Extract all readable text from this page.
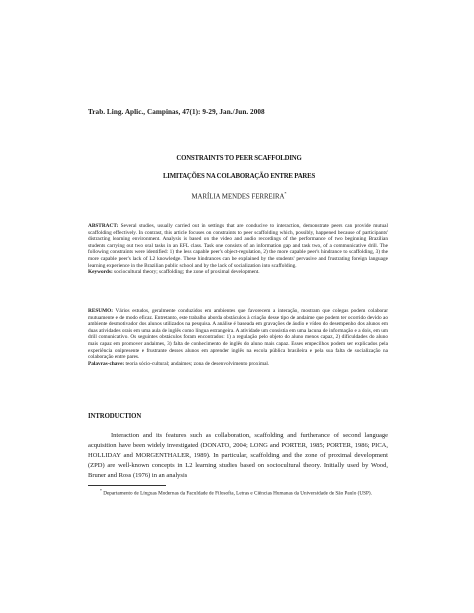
Trab. Ling. Aplic., Campinas, 47(1): 9-29, Jan./Jun. 2008
CONSTRAINTS TO PEER SCAFFOLDING
LIMITAÇÕES NA COLABORAÇÃO ENTRE PARES
MARÍLIA MENDES FERREIRA*
ABSTRACT: Several studies, usually carried out in settings that are conducive to interaction, demonstrate peers can provide mutual scaffolding effectively. In contrast, this article focuses on constraints to peer scaffolding which, possibly, happened because of participants' distracting learning environment. Analysis is based on the video and audio recordings of the performance of two beginning Brazilian students carrying out two oral tasks in an EFL class. Task one consists of an information gap and task two, of a communicative drill. The following constraints were identified: 1) the less capable peer's object-regulation, 2) the more capable peer's hindrance to scaffolding, 3) the more capable peer's lack of L2 knowledge. These hindrances can be explained by the students' pervasive and frustrating foreign language learning experience in the Brazilian public school and by the lack of socialization into scaffolding.
Keywords: sociocultural theory; scaffolding; the zone of proximal development.
RESUMO: Vários estudos, geralmente conduzidos em ambientes que favorecem a interação, mostram que colegas podem colaborar mutuamente e de modo eficaz. Entretanto, este trabalho aborda obstáculos à criação desse tipo de andaime que podem ter ocorrido devido ao ambiente desmotivador dos alunos utilizados na pesquisa. A análise é baseada em gravações de áudio e vídeo do desempenho dos alunos em duas atividades orais em uma aula de inglês como língua estrangeira. A atividade um consistia em uma lacuna de informação e a dois, em um drill comunicativo. Os seguintes obstáculos foram encontrados: 1) a regulação pelo objeto do aluno menos capaz, 2) dificuldades do aluno mais capaz em promover andaimes, 3) falta de conhecimento de inglês do aluno mais capaz. Esses empecilhos podem ser explicados pela experiência onipresente e frustrante desses alunos em aprender inglês na escola pública brasileira e pela sua falta de socialização na colaboração entre pares.
Palavras-chave: teoria sócio-cultural; andaimes; zona de desenvolvimento proximal.
INTRODUCTION
Interaction and its features such as collaboration, scaffolding and furtherance of second language acquisition have been widely investigated (DONATO, 2004; LONG and PORTER, 1985; PORTER, 1986; PICA, HOLLIDAY and MORGENTHALER, 1989). In particular, scaffolding and the zone of proximal development (ZPD) are well-known concepts in L2 learning studies based on sociocultural theory. Initially used by Wood, Bruner and Ross (1976) in an analysis
* Departamento de Línguas Modernas da Faculdade de Filosofia, Letras e Ciências Humanas da Universidade de São Paulo (USP).
